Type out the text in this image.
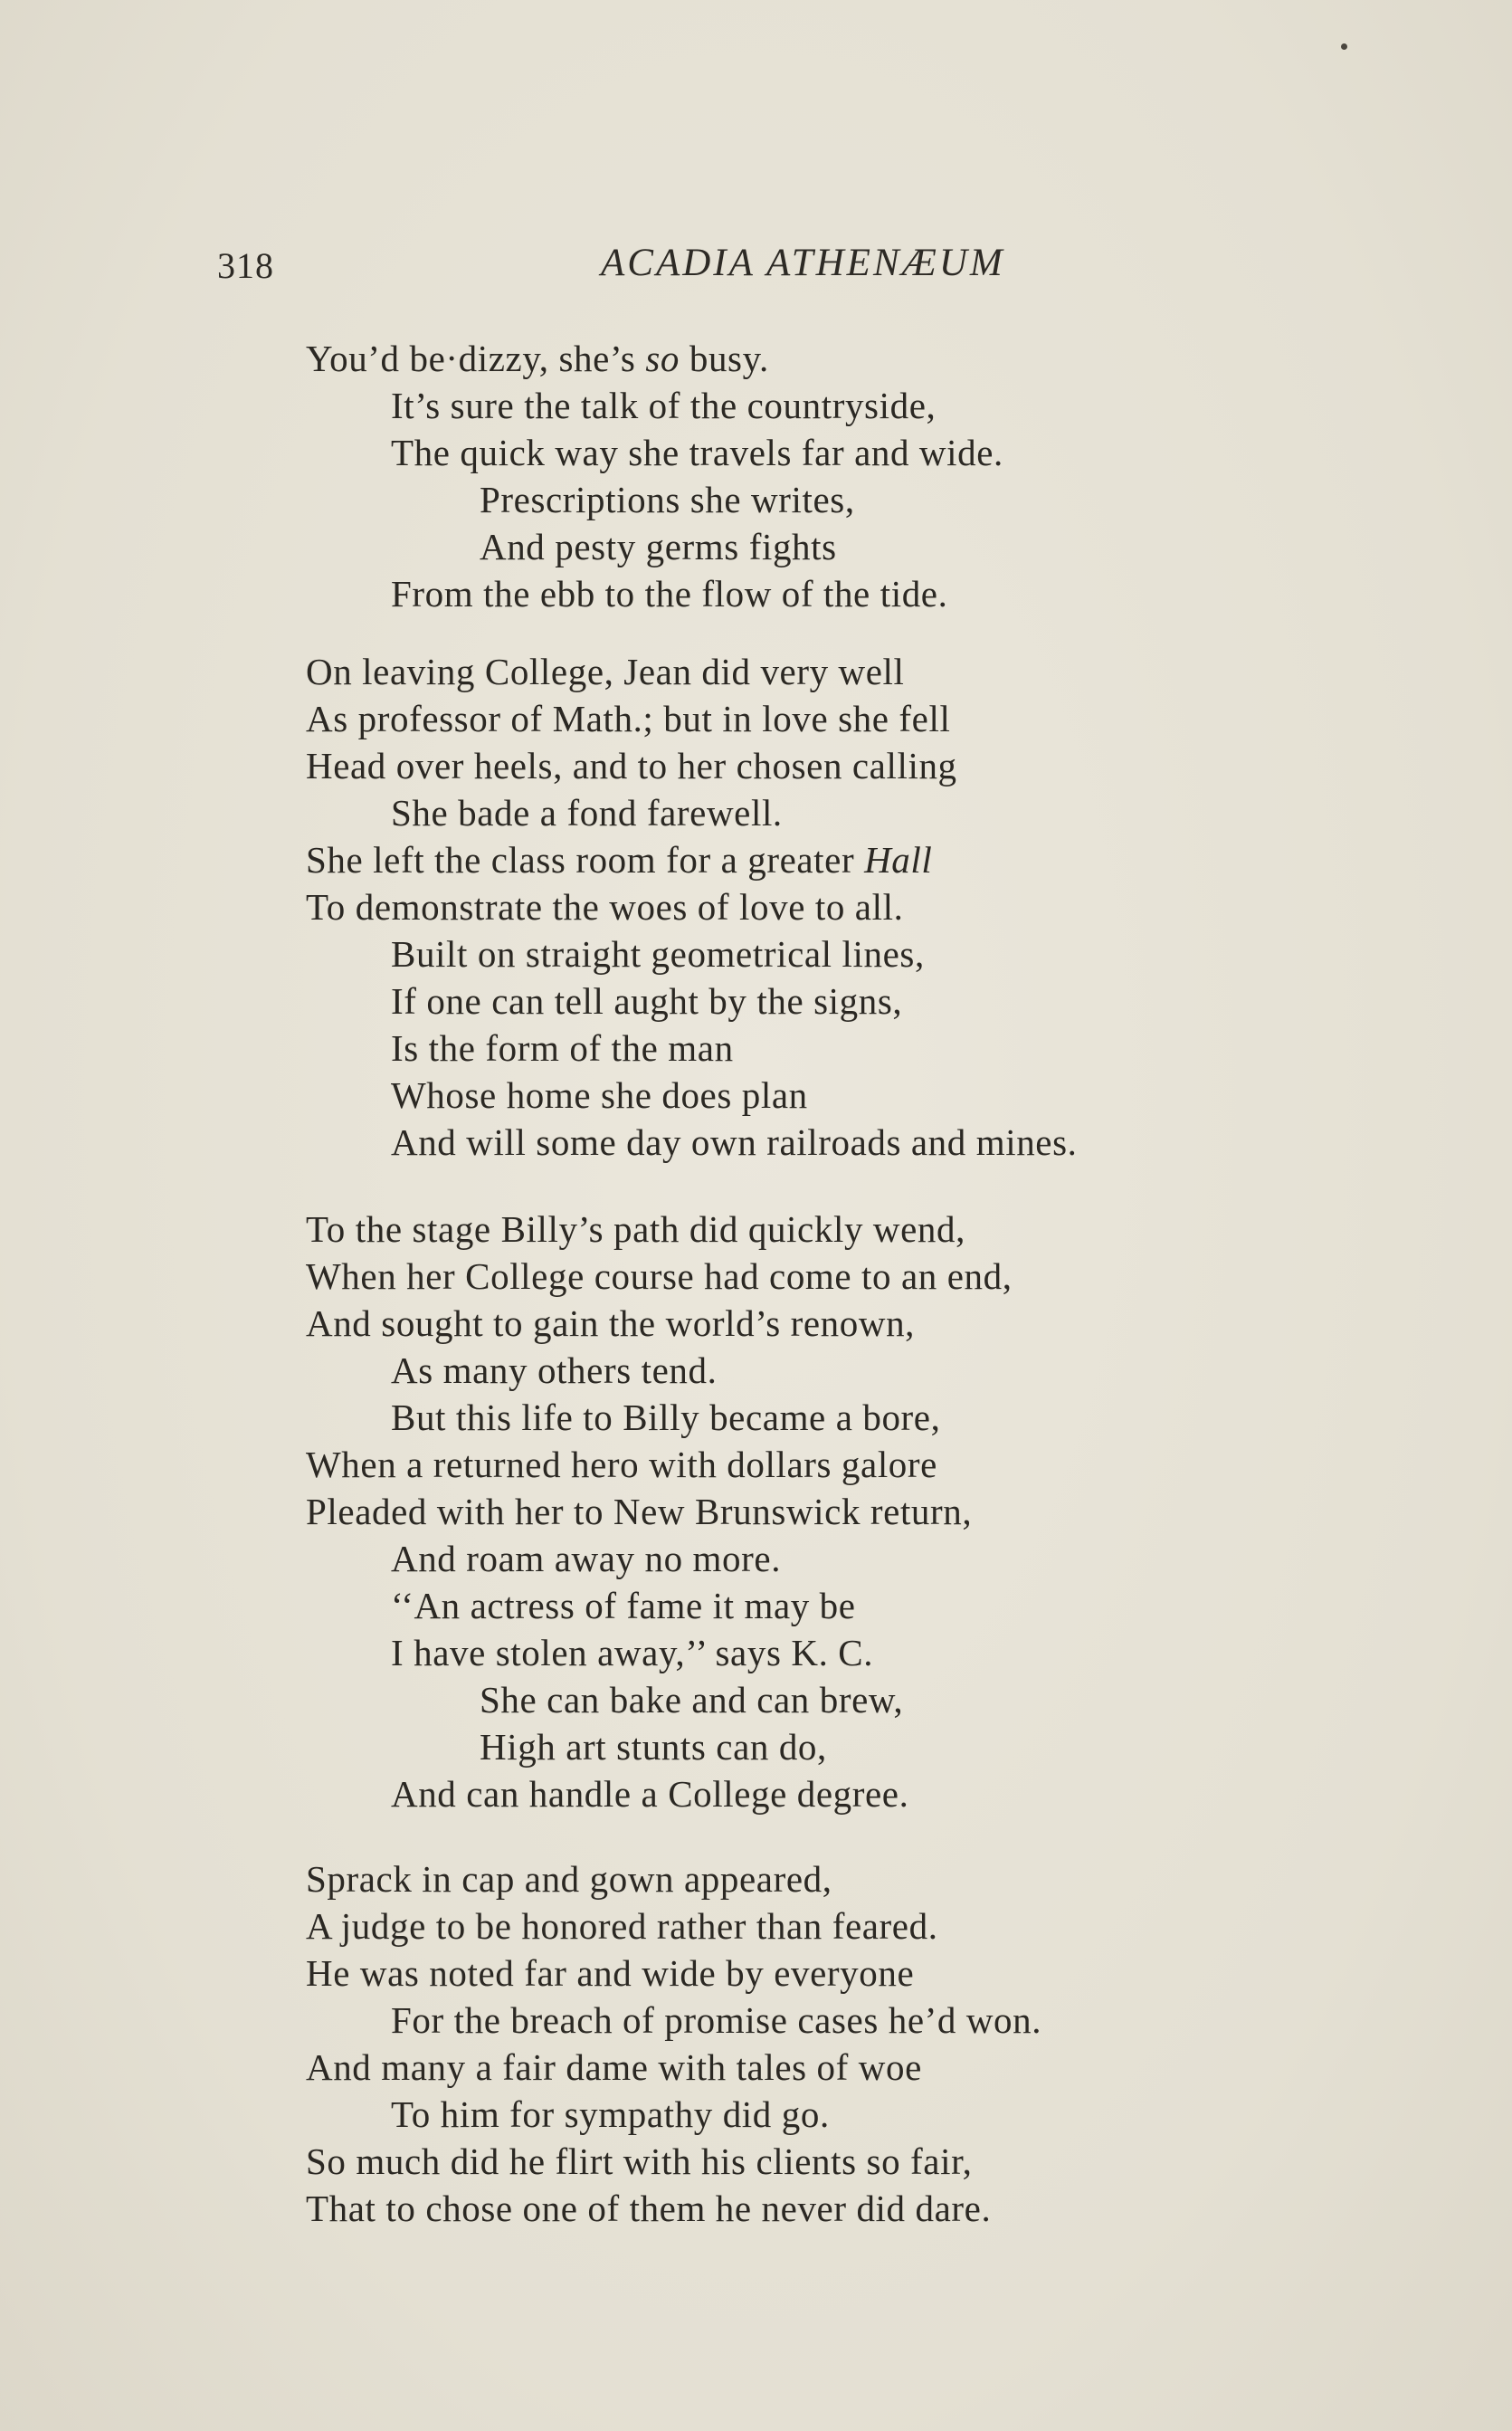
318	ACADIA ATHENÆUM
You’d be·dizzy, she’s so busy.
It’s sure the talk of the countryside,
The quick way she travels far and wide.
Prescriptions she writes,
And pesty germs fights
From the ebb to the flow of the tide.
On leaving College, Jean did very well
As professor of Math.; but in love she fell
Head over heels, and to her chosen calling
She bade a fond farewell.
She left the class room for a greater Hall
To demonstrate the woes of love to all.
Built on straight geometrical lines,
If one can tell aught by the signs,
Is the form of the man
Whose home she does plan
And will some day own railroads and mines.
To the stage Billy’s path did quickly wend,
When her College course had come to an end,
And sought to gain the world’s renown,
As many others tend.
But this life to Billy became a bore,
When a returned hero with dollars galore
Pleaded with her to New Brunswick return,
And roam away no more.
‘‘An actress of fame it may be
I have stolen away,’’ says K. C.
She can bake and can brew,
High art stunts can do,
And can handle a College degree.
Sprack in cap and gown appeared,
A judge to be honored rather than feared.
He was noted far and wide by everyone
For the breach of promise cases he’d won.
And many a fair dame with tales of woe
To him for sympathy did go.
So much did he flirt with his clients so fair,
That to chose one of them he never did dare.
